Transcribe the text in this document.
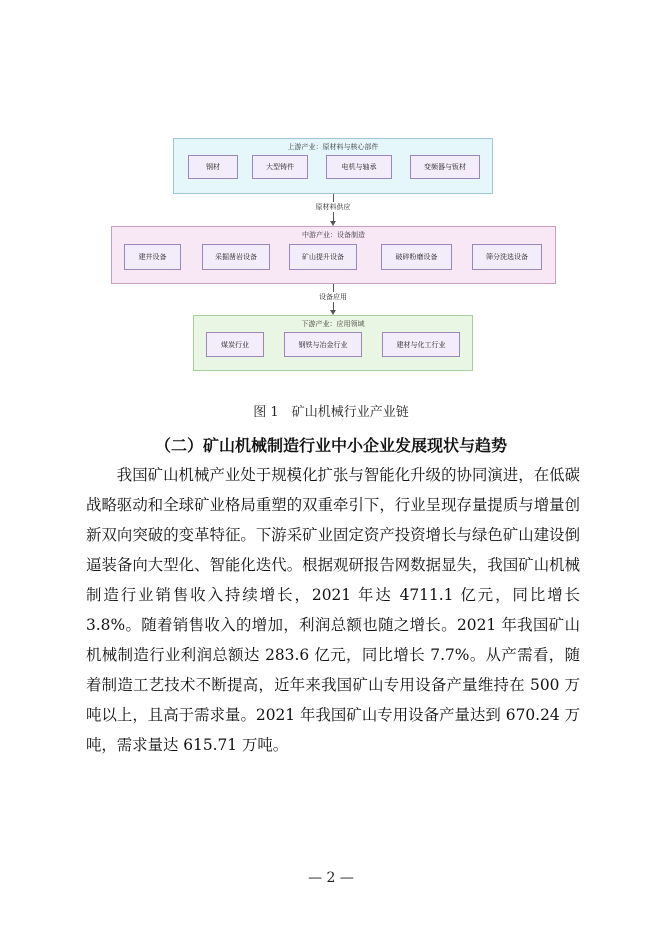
上游产业：原材料与核心部件
钢材	大型铸件	电机与轴承	变频器与钣材
原材料供应
中游产业：设备制造
建井设备	采掘凿岩设备	矿山提升设备	破碎粉磨设备	筛分洗选设备
设备应用
下游产业：应用领域
煤炭行业	钢铁与冶金行业	建材与化工行业
图 1　矿山机械行业产业链
（二）矿山机械制造行业中小企业发展现状与趋势

我国矿山机械产业处于规模化扩张与智能化升级的协同演进，在低碳战略驱动和全球矿业格局重塑的双重牵引下，行业呈现存量提质与增量创新双向突破的变革特征。下游采矿业固定资产投资增长与绿色矿山建设倒逼装备向大型化、智能化迭代。根据观研报告网数据显失，我国矿山机械制造行业销售收入持续增长，2021 年达 4711.1 亿元，同比增长 3.8%。随着销售收入的增加，利润总额也随之增长。2021 年我国矿山机械制造行业利润总额达 283.6 亿元，同比增长 7.7%。从产需看，随着制造工艺技术不断提高，近年来我国矿山专用设备产量维持在 500 万吨以上，且高于需求量。2021 年我国矿山专用设备产量达到 670.24 万吨，需求量达 615.71 万吨。

— 2 —
